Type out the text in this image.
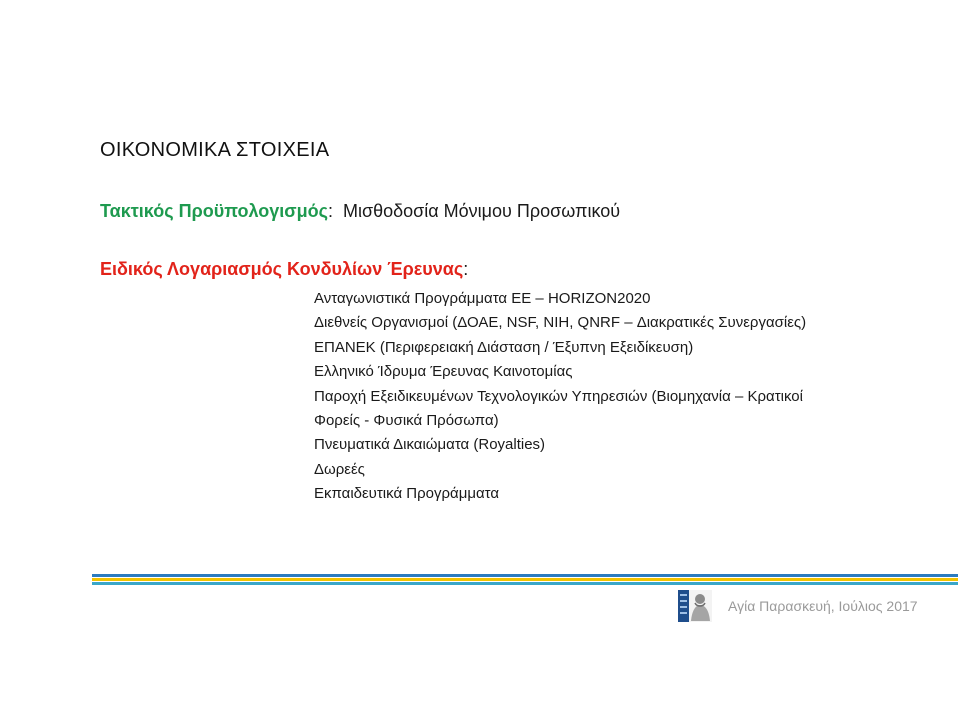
ΟΙΚΟΝΟΜΙΚΑ ΣΤΟΙΧΕΙΑ
Τακτικός Προϋπολογισμός: Μισθοδοσία Μόνιμου Προσωπικού
Ειδικός Λογαριασμός Κονδυλίων Έρευνας:
Ανταγωνιστικά Προγράμματα ΕΕ – HORIZON2020
Διεθνείς Οργανισμοί (ΔΟΑΕ, NSF, NIH, QNRF – Διακρατικές Συνεργασίες)
ΕΠΑΝΕΚ (Περιφερειακή Διάσταση / Έξυπνη Εξειδίκευση)
Ελληνικό Ίδρυμα Έρευνας Καινοτομίας
Παροχή Εξειδικευμένων Τεχνολογικών Υπηρεσιών (Βιομηχανία – Κρατικοί
Φορείς - Φυσικά Πρόσωπα)
Πνευματικά Δικαιώματα (Royalties)
Δωρεές
Εκπαιδευτικά Προγράμματα
Αγία Παρασκευή, Ιούλιος 2017
